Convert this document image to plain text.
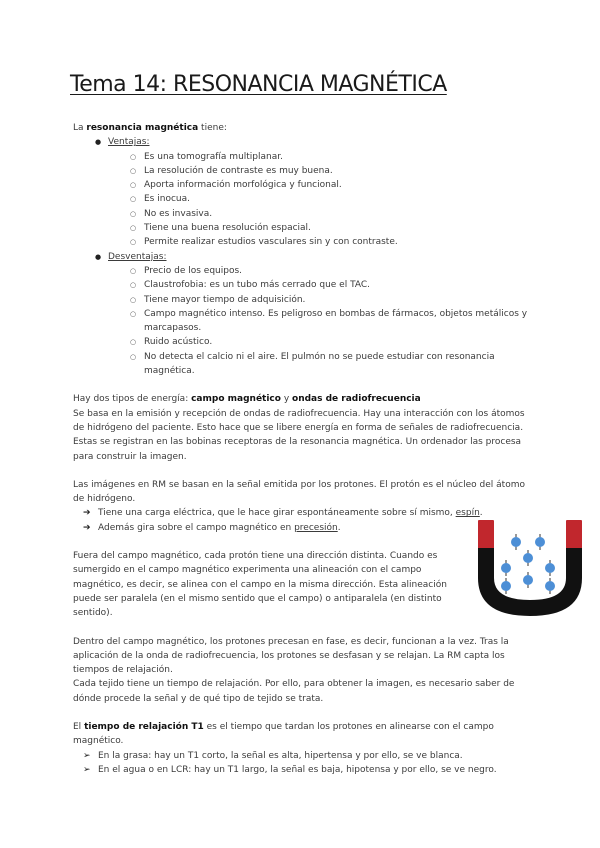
Tema 14: RESONANCIA MAGNÉTICA

La resonancia magnética tiene:

● Ventajas:
○ Es una tomografía multiplanar.
○ La resolución de contraste es muy buena.
○ Aporta información morfológica y funcional.
○ Es inocua.
○ No es invasiva.
○ Tiene una buena resolución espacial.
○ Permite realizar estudios vasculares sin y con contraste.
● Desventajas:
○ Precio de los equipos.
○ Claustrofobia: es un tubo más cerrado que el TAC.
○ Tiene mayor tiempo de adquisición.
○ Campo magnético intenso. Es peligroso en bombas de fármacos, objetos metálicos y marcapasos.
○ Ruido acústico.
○ No detecta el calcio ni el aire. El pulmón no se puede estudiar con resonancia magnética.

Hay dos tipos de energía: campo magnético y ondas de radiofrecuencia

Se basa en la emisión y recepción de ondas de radiofrecuencia. Hay una interacción con los átomos de hidrógeno del paciente. Esto hace que se libere energía en forma de señales de radiofrecuencia. Estas se registran en las bobinas receptoras de la resonancia magnética. Un ordenador las procesa para construir la imagen.

Las imágenes en RM se basan en la señal emitida por los protones. El protón es el núcleo del átomo de hidrógeno.

➔ Tiene una carga eléctrica, que le hace girar espontáneamente sobre sí mismo, espín.
➔ Además gira sobre el campo magnético en precesión.

Fuera del campo magnético, cada protón tiene una dirección distinta. Cuando es sumergido en el campo magnético experimenta una alineación con el campo magnético, es decir, se alinea con el campo en la misma dirección. Esta alineación puede ser paralela (en el mismo sentido que el campo) o antiparalela (en distinto sentido).

Dentro del campo magnético, los protones precesan en fase, es decir, funcionan a la vez. Tras la aplicación de la onda de radiofrecuencia, los protones se desfasan y se relajan. La RM capta los tiempos de relajación.

Cada tejido tiene un tiempo de relajación. Por ello, para obtener la imagen, es necesario saber de dónde procede la señal y de qué tipo de tejido se trata.

El tiempo de relajación T1 es el tiempo que tardan los protones en alinearse con el campo magnético.

➢ En la grasa: hay un T1 corto, la señal es alta, hipertensa y por ello, se ve blanca.
➢ En el agua o en LCR: hay un T1 largo, la señal es baja, hipotensa y por ello, se ve negro.
